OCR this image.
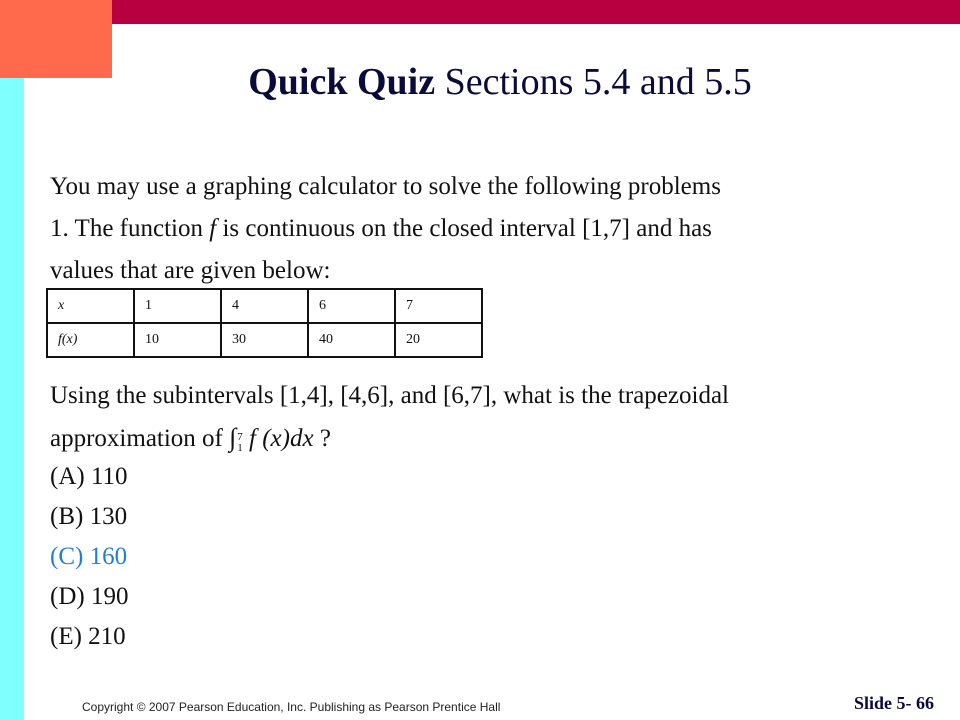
Quick Quiz Sections 5.4 and 5.5
You may use a graphing calculator to solve the following problems
1. The function f is continuous on the closed interval [1,7] and has
values that are given below:
x	1	4	6	7
f(x)	10	30	40	20
Using the subintervals [1,4], [4,6], and [6,7], what is the trapezoidal
approximation of ∫ 7
1 f (x)dx ?
(A) 110
(B) 130
(C) 160
(D) 190
(E) 210
Copyright © 2007 Pearson Education, Inc. Publishing as Pearson Prentice Hall	Slide 5- 66
